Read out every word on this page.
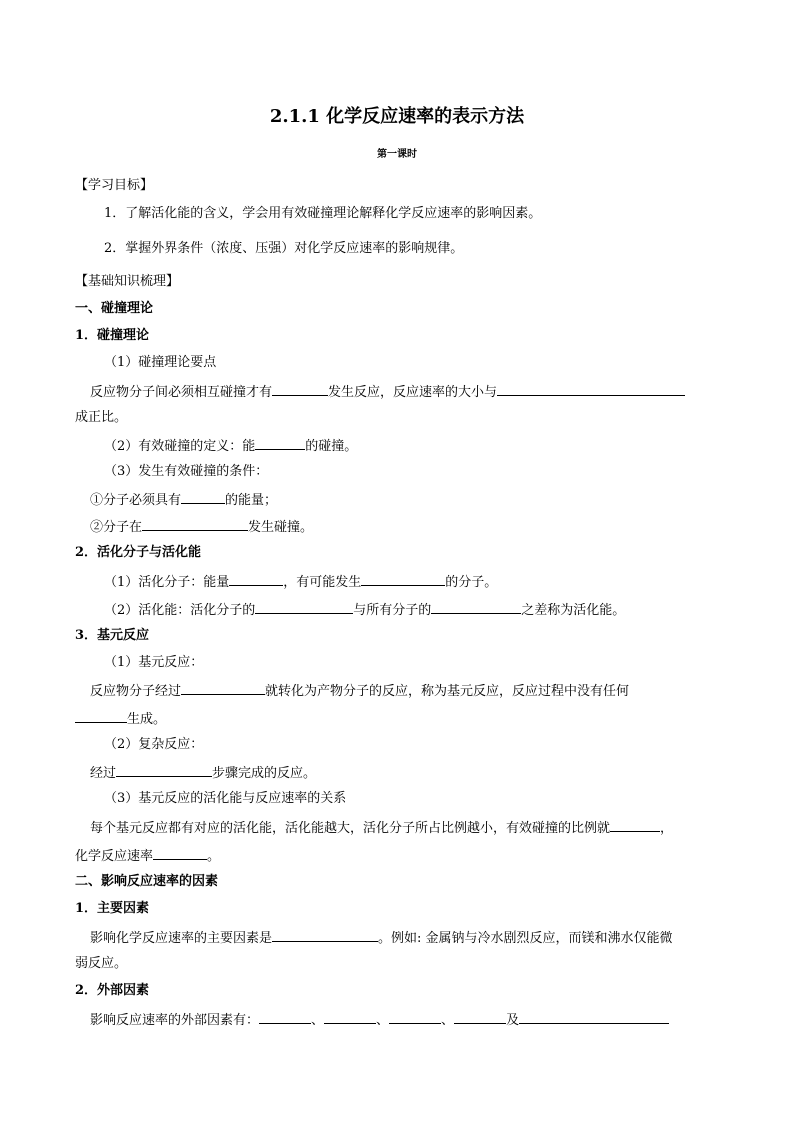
2.1.1 化学反应速率的表示方法
第一课时
【学习目标】
1．了解活化能的含义，学会用有效碰撞理论解释化学反应速率的影响因素。
2．掌握外界条件（浓度、压强）对化学反应速率的影响规律。
【基础知识梳理】
一、碰撞理论
1．碰撞理论
（1）碰撞理论要点
反应物分子间必须相互碰撞才有	发生反应，反应速率的大小与
成正比。
（2）有效碰撞的定义：能	的碰撞。
（3）发生有效碰撞的条件：
①分子必须具有	的能量；
②分子在	发生碰撞。
2．活化分子与活化能
（1）活化分子：能量	，有可能发生	的分子。
（2）活化能：活化分子的	与所有分子的	之差称为活化能。
3．基元反应
（1）基元反应：
反应物分子经过	就转化为产物分子的反应，称为基元反应，反应过程中没有任何
生成。
（2）复杂反应：
经过	步骤完成的反应。
（3）基元反应的活化能与反应速率的关系
每个基元反应都有对应的活化能，活化能越大，活化分子所占比例越小，有效碰撞的比例就	，
化学反应速率	。
二、影响反应速率的因素
1．主要因素
影响化学反应速率的主要因素是	。例如: 金属钠与冷水剧烈反应，而镁和沸水仅能微
弱反应。
2．外部因素
影响反应速率的外部因素有：	、	、	、	及
